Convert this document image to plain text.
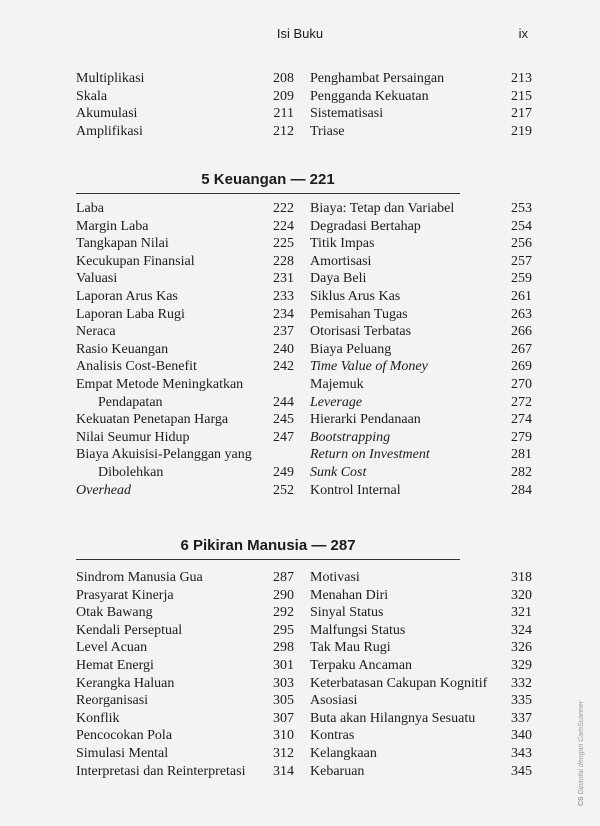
Isi Buku	ix
Multiplikasi	208
Skala	209
Akumulasi	211
Amplifikasi	212
Penghambat Persaingan	213
Pengganda Kekuatan	215
Sistematisasi	217
Triase	219
5 Keuangan — 221
Laba	222
Margin Laba	224
Tangkapan Nilai	225
Kecukupan Finansial	228
Valuasi	231
Laporan Arus Kas	233
Laporan Laba Rugi	234
Neraca	237
Rasio Keuangan	240
Analisis Cost-Benefit	242
Empat Metode Meningkatkan
Pendapatan	244
Kekuatan Penetapan Harga	245
Nilai Seumur Hidup	247
Biaya Akuisisi-Pelanggan yang
Dibolehkan	249
Overhead	252
Biaya: Tetap dan Variabel	253
Degradasi Bertahap	254
Titik Impas	256
Amortisasi	257
Daya Beli	259
Siklus Arus Kas	261
Pemisahan Tugas	263
Otorisasi Terbatas	266
Biaya Peluang	267
Time Value of Money	269
Majemuk	270
Leverage	272
Hierarki Pendanaan	274
Bootstrapping	279
Return on Investment	281
Sunk Cost	282
Kontrol Internal	284
6 Pikiran Manusia — 287
Sindrom Manusia Gua	287
Prasyarat Kinerja	290
Otak Bawang	292
Kendali Perseptual	295
Level Acuan	298
Hemat Energi	301
Kerangka Haluan	303
Reorganisasi	305
Konflik	307
Pencocokan Pola	310
Simulasi Mental	312
Interpretasi dan Reinterpretasi 314
Motivasi	318
Menahan Diri	320
Sinyal Status	321
Malfungsi Status	324
Tak Mau Rugi	326
Terpaku Ancaman	329
Keterbatasan Cakupan Kognitif 332
Asosiasi	335
Buta akan Hilangnya Sesuatu	337
Kontras	340
Kelangkaan	343
Kebaruan	345
CS Dipindai dengan CamScanner
